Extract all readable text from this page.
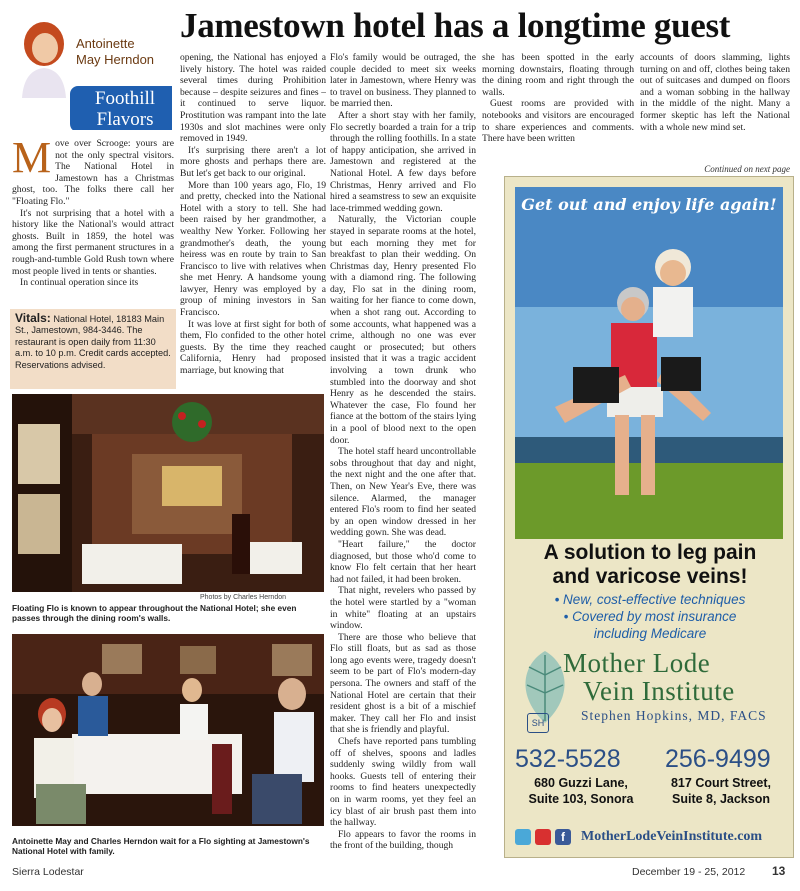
Jamestown hotel has a longtime guest
Antoinette
May Herndon
Foothill
Flavors

Move over Scrooge: yours are not the only spectral visitors. The National Hotel in Jamestown has a Christmas ghost, too. The folks there call her "Floating Flo."

It's not surprising that a hotel with a history like the National's would attract ghosts. Built in 1859, the hotel was among the first permanent structures in a rough-and-tumble Gold Rush town where most people lived in tents or shanties.

In continual operation since its

Vitals: National Hotel, 18183 Main St., Jamestown, 984-3446. The restaurant is open daily from 11:30 a.m. to 10 p.m. Credit cards accepted. Reservations advised.

opening, the National has enjoyed a lively history. The hotel was raided several times during Prohibition because – despite seizures and fines – it continued to serve liquor. Prostitution was rampant into the late 1930s and slot machines were only removed in 1949.

It's surprising there aren't a lot more ghosts and perhaps there are. But let's get back to our original.

More than 100 years ago, Flo, 19 and pretty, checked into the National Hotel with a story to tell. She had been raised by her grandmother, a wealthy New Yorker. Following her grandmother's death, the young heiress was en route by train to San Francisco to live with relatives when she met Henry. A handsome young lawyer, Henry was employed by a group of mining investors in San Francisco.

It was love at first sight for both of them, Flo confided to the other hotel guests. By the time they reached California, Henry had proposed marriage, but knowing that

Flo's family would be outraged, the couple decided to meet six weeks later in Jamestown, where Henry was to travel on business. They planned to be married then.

After a short stay with her family, Flo secretly boarded a train for a trip through the rolling foothills. In a state of happy anticipation, she arrived in Jamestown and registered at the National Hotel. A few days before Christmas, Henry arrived and Flo hired a seamstress to sew an exquisite lace-trimmed wedding gown.

Naturally, the Victorian couple stayed in separate rooms at the hotel, but each morning they met for breakfast to plan their wedding. On Christmas day, Henry presented Flo with a diamond ring. The following day, Flo sat in the dining room, waiting for her fiance to come down, when a shot rang out. According to some accounts, what happened was a crime, although no one was ever caught or prosecuted; but others insisted that it was a tragic accident involving a town drunk who stumbled into the doorway and shot Henry as he descended the stairs. Whatever the case, Flo found her fiance at the bottom of the stairs lying in a pool of blood next to the open door.

The hotel staff heard uncontrollable sobs throughout that day and night, the next night and the one after that. Then, on New Year's Eve, there was silence. Alarmed, the manager entered Flo's room to find her seated by an open window dressed in her wedding gown. She was dead.

"Heart failure," the doctor diagnosed, but those who'd come to know Flo felt certain that her heart had not failed, it had been broken.

That night, revelers who passed by the hotel were startled by a "woman in white" floating at an upstairs window.

There are those who believe that Flo still floats, but as sad as those long ago events were, tragedy doesn't seem to be part of Flo's modern-day persona. The owners and staff of the National Hotel are certain that their resident ghost is a bit of a mischief maker. They call her Flo and insist that she is friendly and playful.

Chefs have reported pans tumbling off of shelves, spoons and ladles suddenly swing wildly from wall hooks. Guests tell of entering their rooms to find heaters unexpectedly on in warm rooms, yet they feel an icy blast of air brush past them into the hallway.

Flo appears to favor the rooms in the front of the building, though

she has been spotted in the early morning downstairs, floating through the dining room and right through the walls.

Guest rooms are provided with notebooks and visitors are encouraged to share experiences and comments. There have been written

accounts of doors slamming, lights turning on and off, clothes being taken out of suitcases and dumped on floors and a woman sobbing in the hallway in the middle of the night. Many a former skeptic has left the National with a whole new mind set.

Continued on next page
Photos by Charles Herndon
Floating Flo is known to appear throughout the National Hotel; she even passes through the dining room's walls.
Antoinette May and Charles Herndon wait for a Flo sighting at Jamestown's National Hotel with family.
Get out and enjoy life again!
A solution to leg pain
and varicose veins!
• New, cost-effective techniques
• Covered by most insurance
including Medicare
SH
Mother Lode
Vein Institute
Stephen Hopkins, MD, FACS
532-5528 256-9499
680 Guzzi Lane,
Suite 103, Sonora
817 Court Street,
Suite 8, Jackson
f	MotherLodeVeinInstitute.com
Sierra Lodestar	December 19 - 25, 2012 13
